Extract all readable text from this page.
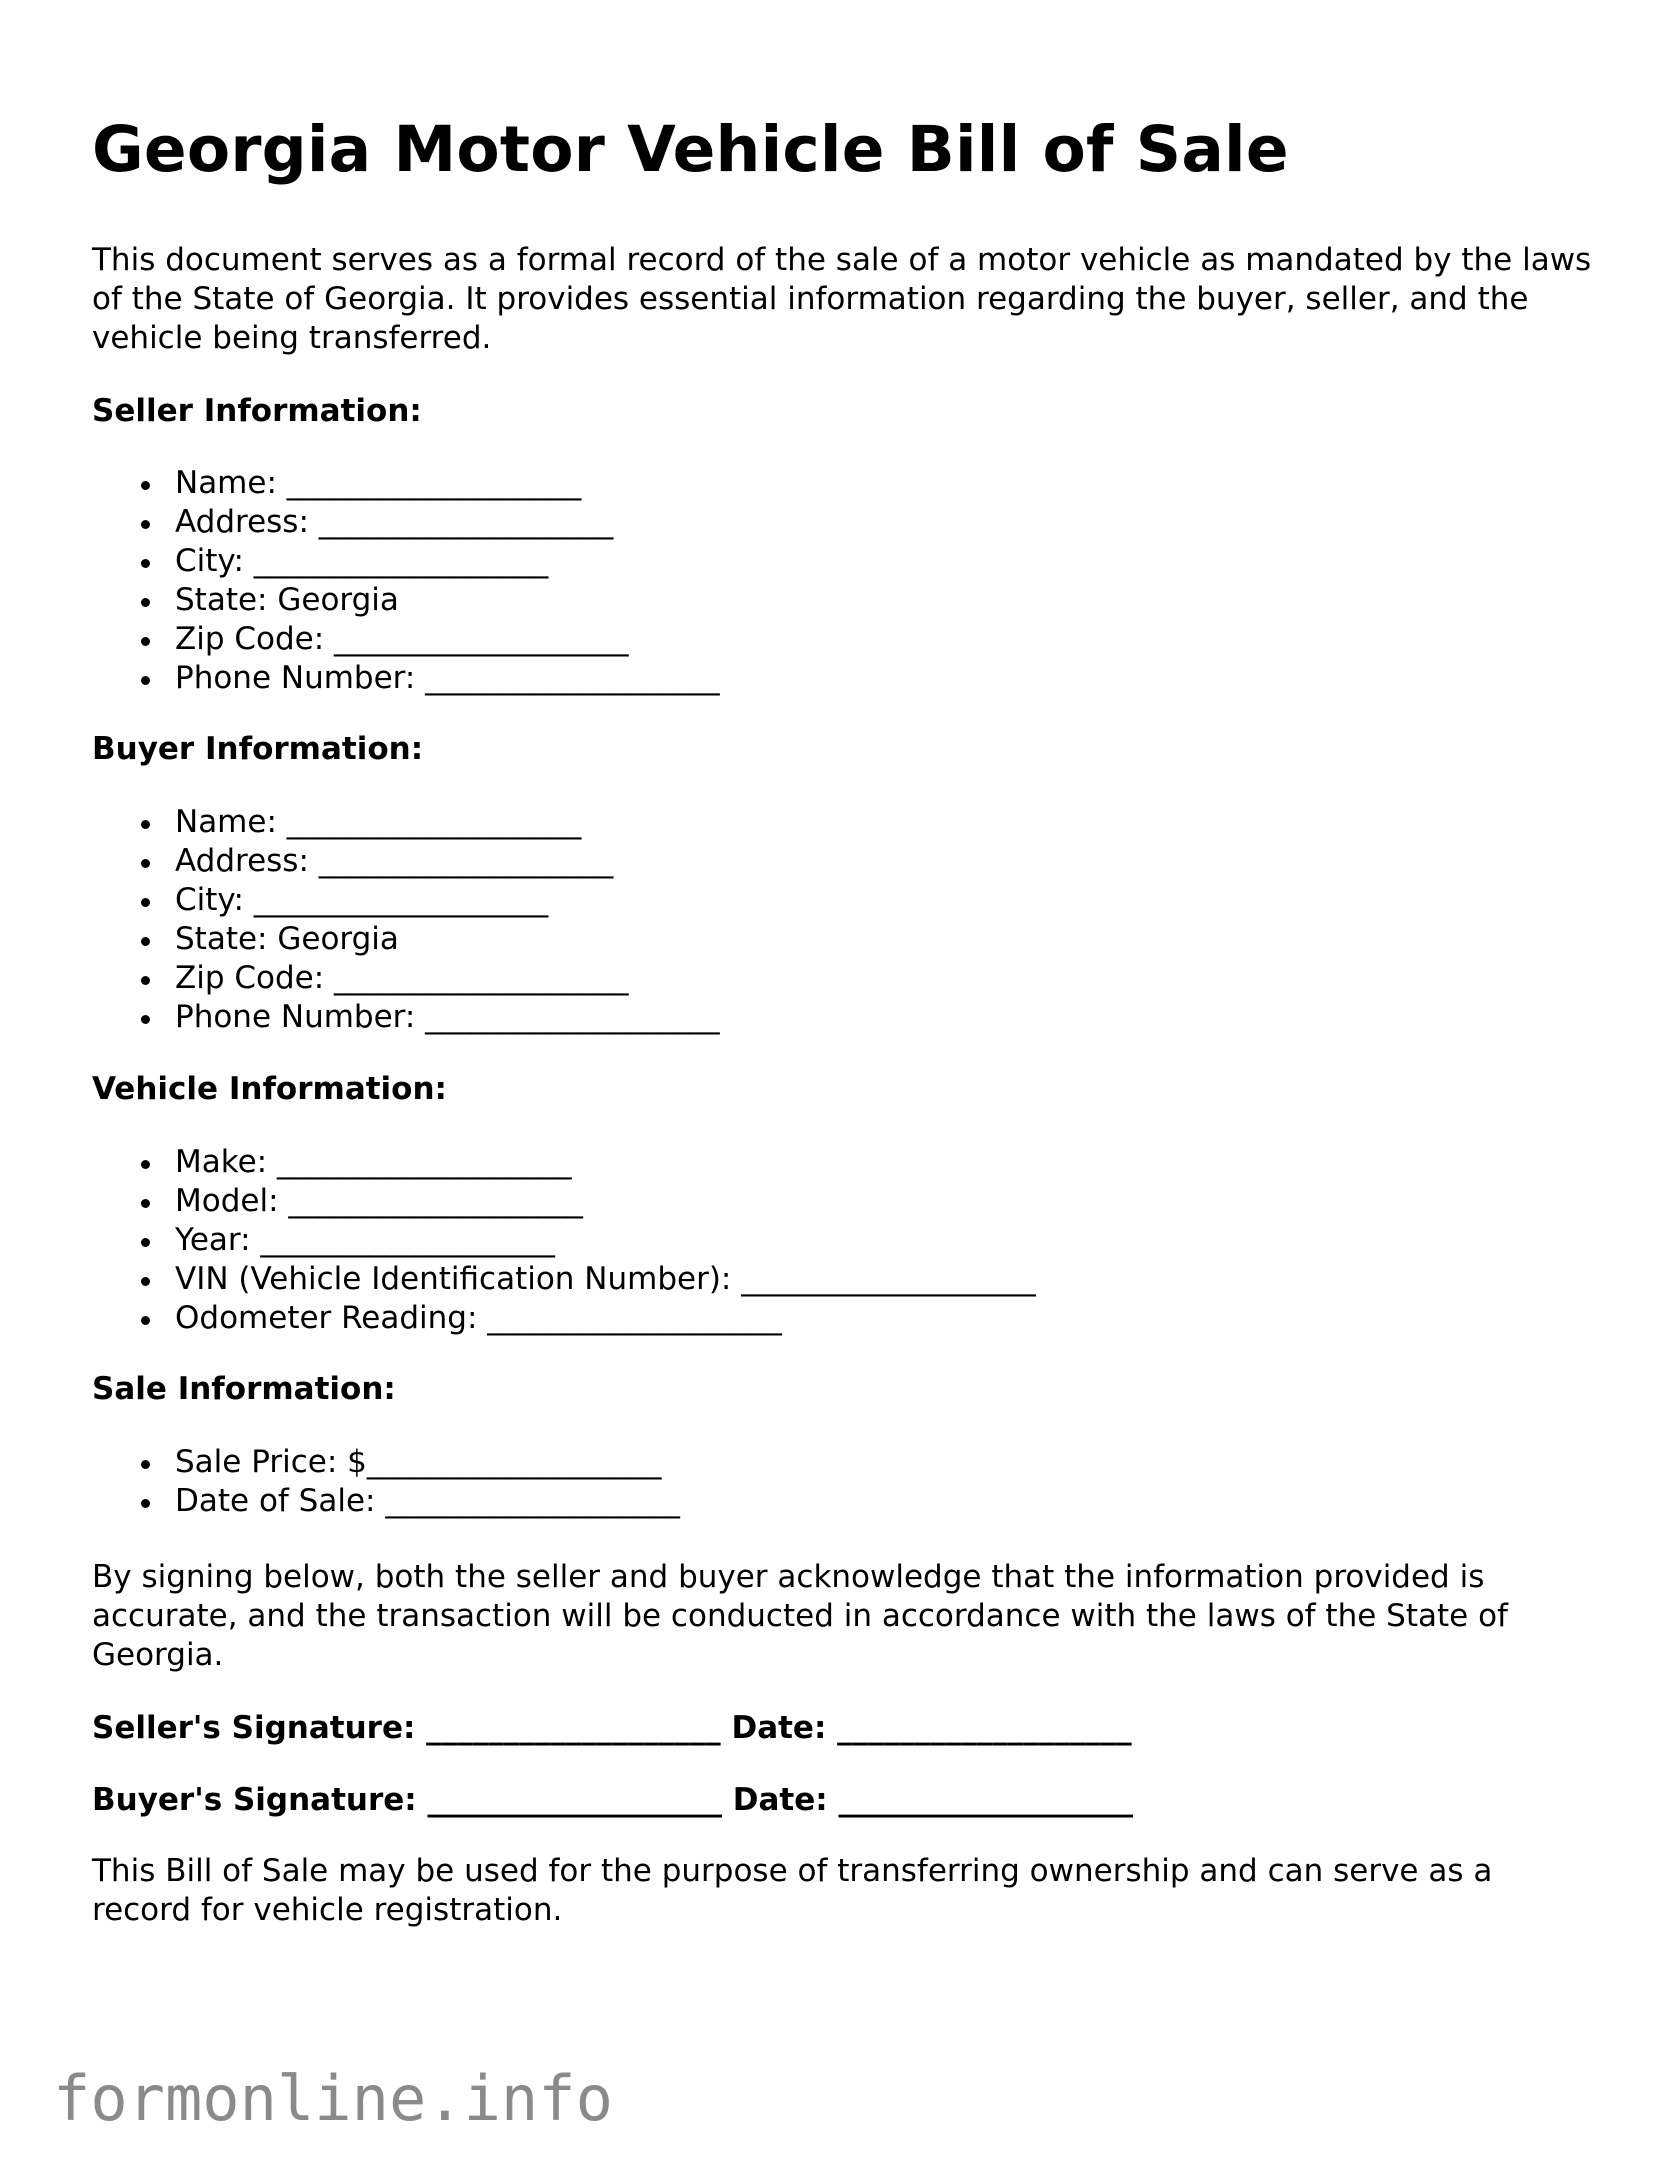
Georgia Motor Vehicle Bill of Sale
This document serves as a formal record of the sale of a motor vehicle as mandated by the laws of the State of Georgia. It provides essential information regarding the buyer, seller, and the vehicle being transferred.
Seller Information:
Name: ___________________
Address: ___________________
City: ___________________
State: Georgia
Zip Code: ___________________
Phone Number: ___________________
Buyer Information:
Name: ___________________
Address: ___________________
City: ___________________
State: Georgia
Zip Code: ___________________
Phone Number: ___________________
Vehicle Information:
Make: ___________________
Model: ___________________
Year: ___________________
VIN (Vehicle Identification Number): ___________________
Odometer Reading: ___________________
Sale Information:
Sale Price: $___________________
Date of Sale: ___________________
By signing below, both the seller and buyer acknowledge that the information provided is accurate, and the transaction will be conducted in accordance with the laws of the State of Georgia.
Seller's Signature: ___________________ Date: ___________________
Buyer's Signature: ___________________ Date: ___________________
This Bill of Sale may be used for the purpose of transferring ownership and can serve as a record for vehicle registration.
formonline.info
